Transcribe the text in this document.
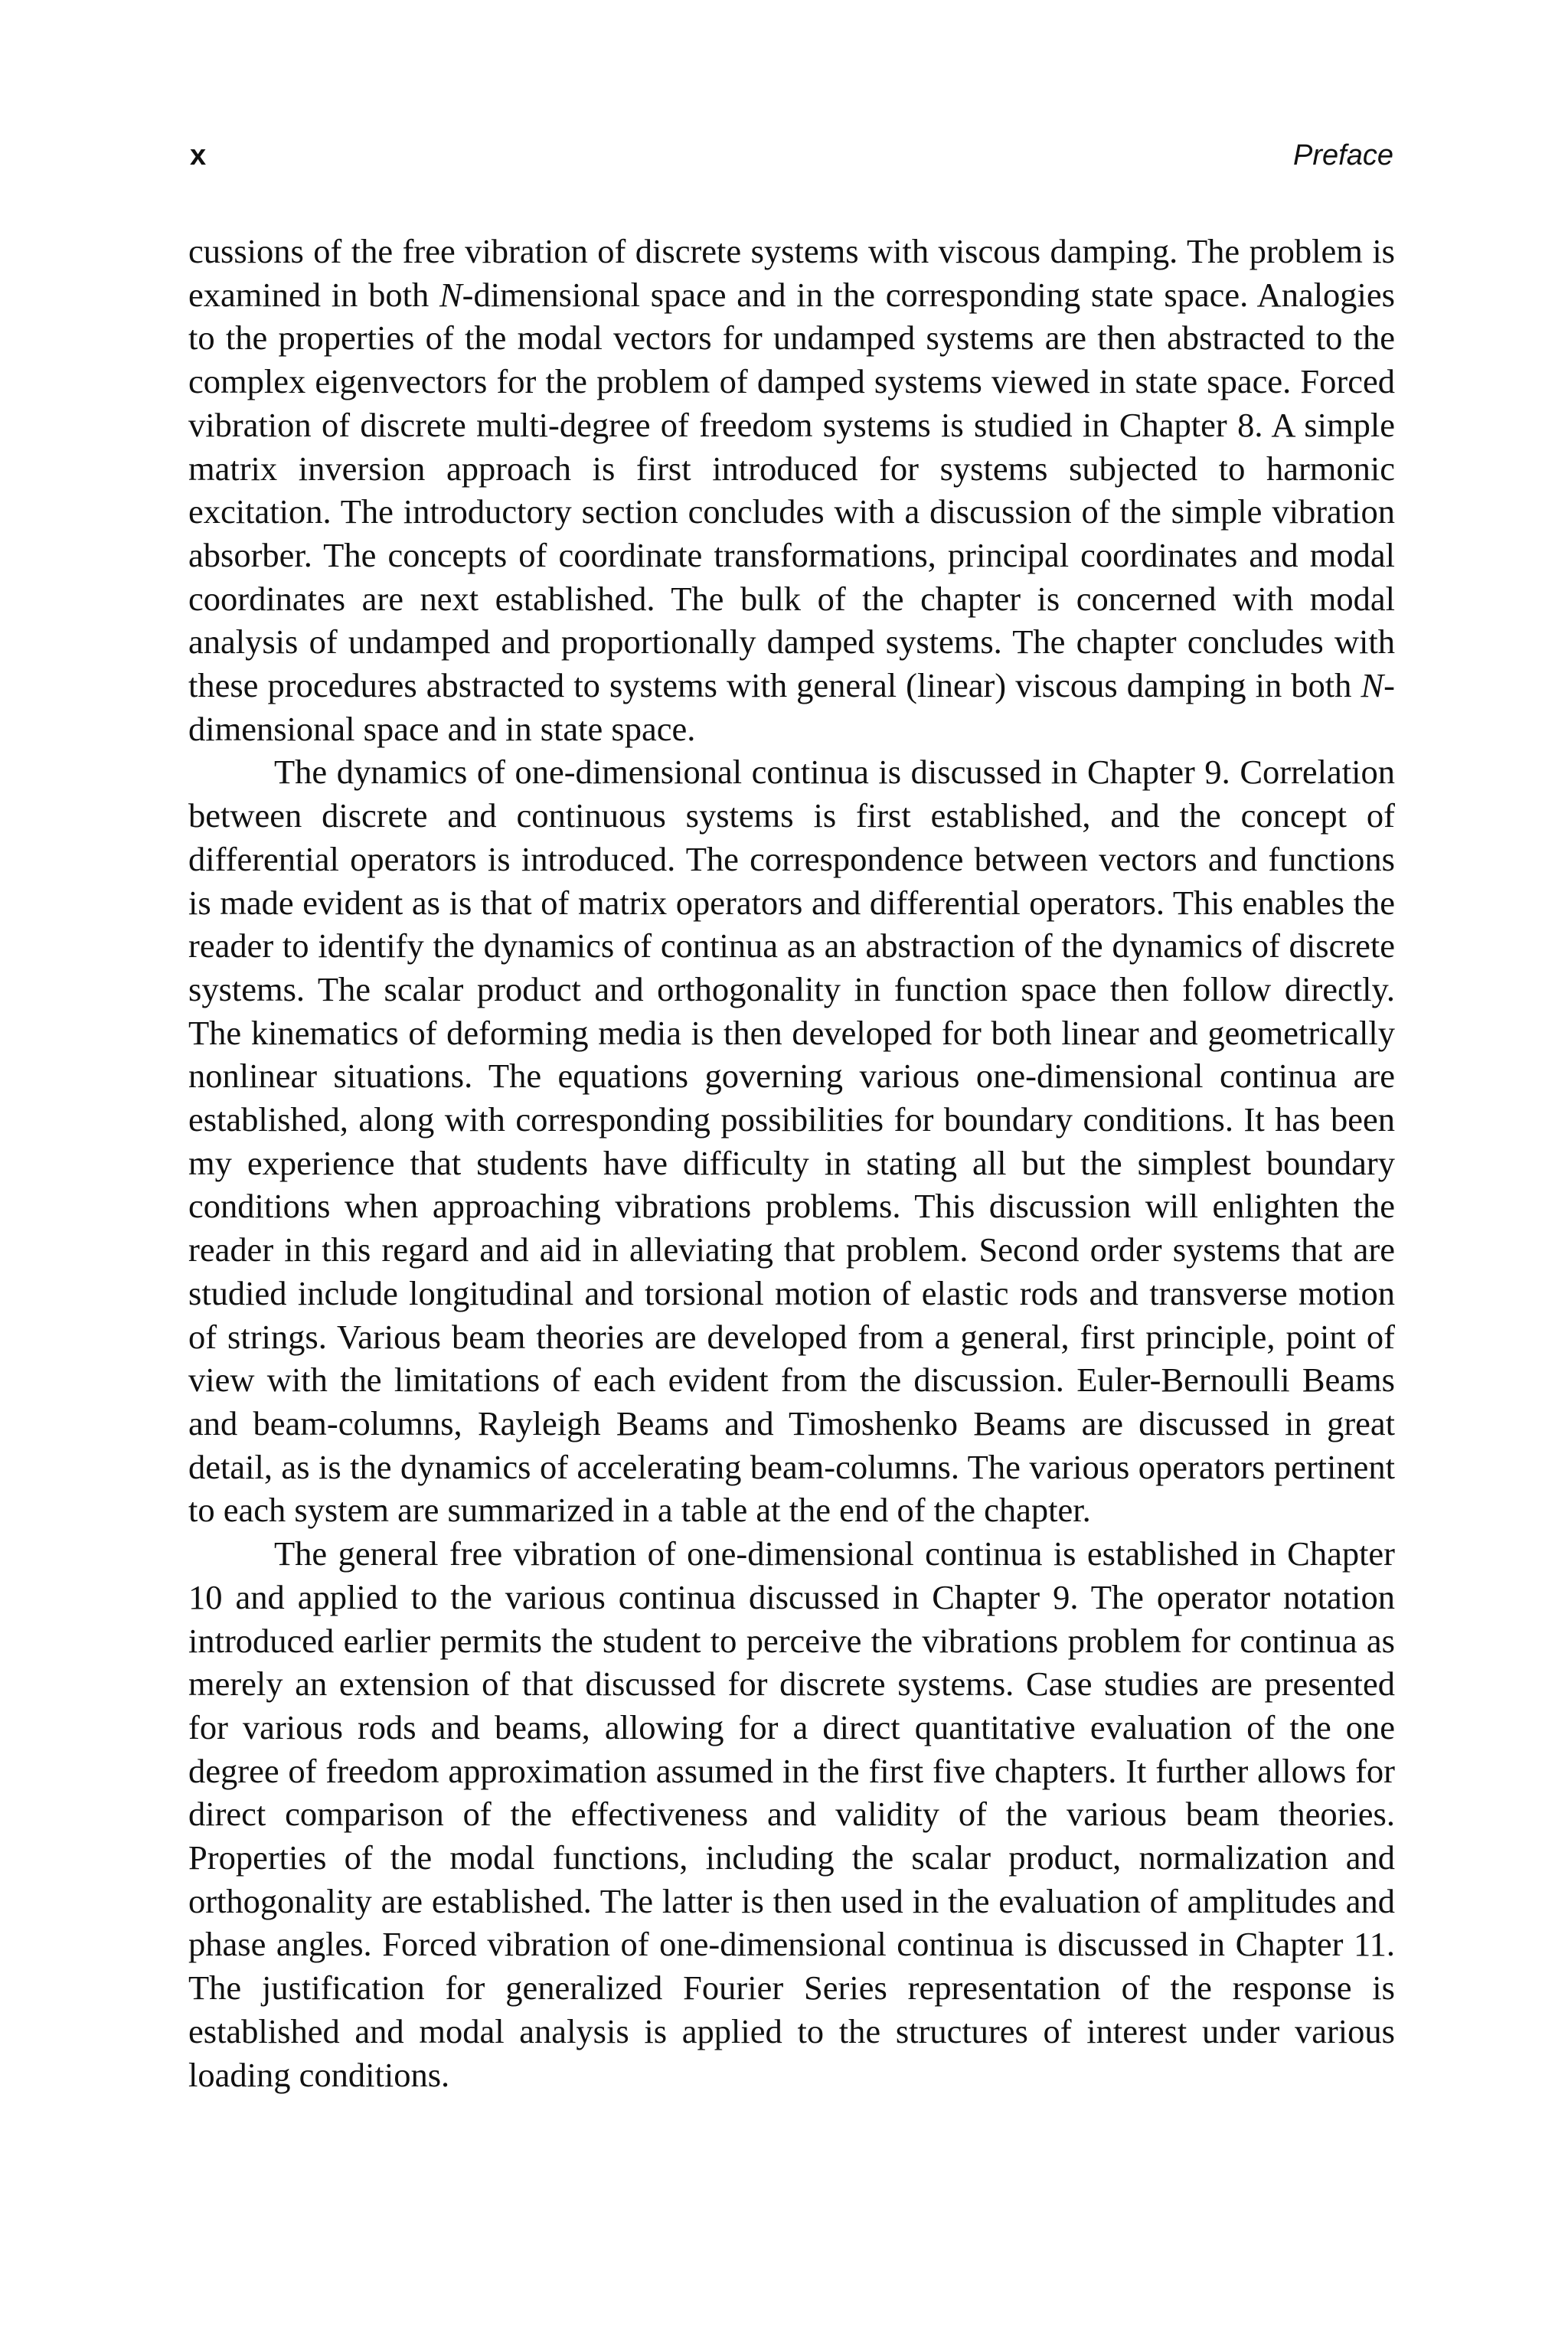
x	Preface

cussions of the free vibration of discrete systems with viscous damping. The problem is examined in both N-dimensional space and in the corresponding state space. Analogies to the properties of the modal vectors for undamped systems are then abstracted to the complex eigenvectors for the problem of damped systems viewed in state space. Forced vibration of discrete multi-degree of freedom systems is studied in Chapter 8. A simple matrix inversion approach is first introduced for systems subjected to harmonic excitation. The introductory section concludes with a discussion of the simple vibration absorber. The concepts of coordinate transformations, principal coordinates and modal coordinates are next established. The bulk of the chapter is concerned with modal analysis of undamped and proportionally damped systems. The chapter concludes with these procedures abstracted to systems with general (linear) viscous damping in both N-dimensional space and in state space.

The dynamics of one-dimensional continua is discussed in Chapter 9. Correlation between discrete and continuous systems is first established, and the concept of differential operators is introduced. The correspondence between vectors and functions is made evident as is that of matrix operators and differential operators. This enables the reader to identify the dynamics of continua as an abstraction of the dynamics of discrete systems. The scalar product and orthogonality in function space then follow directly. The kinematics of deforming media is then developed for both linear and geometrically nonlinear situations. The equations governing various one-dimensional continua are established, along with corresponding possibilities for boundary conditions. It has been my experience that students have difficulty in stating all but the simplest boundary conditions when approaching vibrations problems. This discussion will enlighten the reader in this regard and aid in alleviating that problem. Second order systems that are studied include longitudinal and torsional motion of elastic rods and transverse motion of strings. Various beam theories are developed from a general, first principle, point of view with the limitations of each evident from the discussion. Euler-Bernoulli Beams and beam-columns, Rayleigh Beams and Timoshenko Beams are discussed in great detail, as is the dynamics of accelerating beam-columns. The various operators pertinent to each system are summarized in a table at the end of the chapter.

The general free vibration of one-dimensional continua is established in Chapter 10 and applied to the various continua discussed in Chapter 9. The operator notation introduced earlier permits the student to perceive the vibrations problem for continua as merely an extension of that discussed for discrete systems. Case studies are presented for various rods and beams, allowing for a direct quantitative evaluation of the one degree of freedom approximation assumed in the first five chapters. It further allows for direct comparison of the effectiveness and validity of the various beam theories. Properties of the modal functions, including the scalar product, normalization and orthogonality are established. The latter is then used in the evaluation of amplitudes and phase angles. Forced vibration of one-dimensional continua is discussed in Chapter 11. The justification for generalized Fourier Series representation of the response is established and modal analysis is applied to the structures of interest under various loading conditions.
